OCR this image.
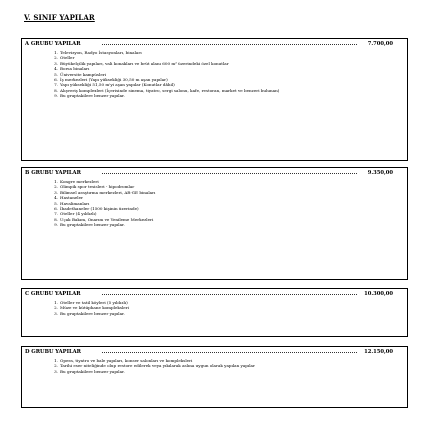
V. SINIF YAPILAR
A GRUBU YAPILAR	7.700,00
1. Televizyon, Radyo İstasyonları, binaları
2. Oteller
3. Büyükelçilik yapıları, vali konakları ve brüt alanı 600 m² üzerindeki özel konutlar
4. Borsa binaları
5. Üniversite kampüsleri
6. İş merkezleri (Yapı yüksekliği 30,50 m aşan yapılar)
7. Yapı yüksekliği 51,50 m'yi aşan yapılar (Konutlar dâhil)
8. Alışveriş komplexleri (İçerisinde sinema, tiyatro, sergi salonu, kafe, restoran, market ve benzeri bulunan)
9. Bu gruptakilere benzer yapılar.
B GRUBU YAPILAR	9.350,00
1. Kongre merkezleri
2. Olimpik spor tesisleri - hipodromlar
3. Bilimsel araştırma merkezleri, AR-GE binaları
4. Hastaneler
5. Havalimanları
6. İbadethaneler (1500 kişinin üzerinde)
7. Oteller (4 yıldızlı)
8. Uçak Bakım, Onarım ve Yenileme Merkezleri
9. Bu gruptakilere benzer yapılar.
C GRUBU YAPILAR	10.300,00
1. Oteller ve tatil köyleri (5 yıldızlı)
2. Müze ve kütüphane kompleksleri
3. Bu gruptakilere benzer yapılar.
D GRUBU YAPILAR	12.150,00
1. Opera, tiyatro ve bale yapıları, konser salonları ve kompleksleri
2. Tarihi eser niteliğinde olup restore edilerek veya yıkılarak aslına uygun olarak yapılan yapılar
3. Bu gruptakilere benzer yapılar.
